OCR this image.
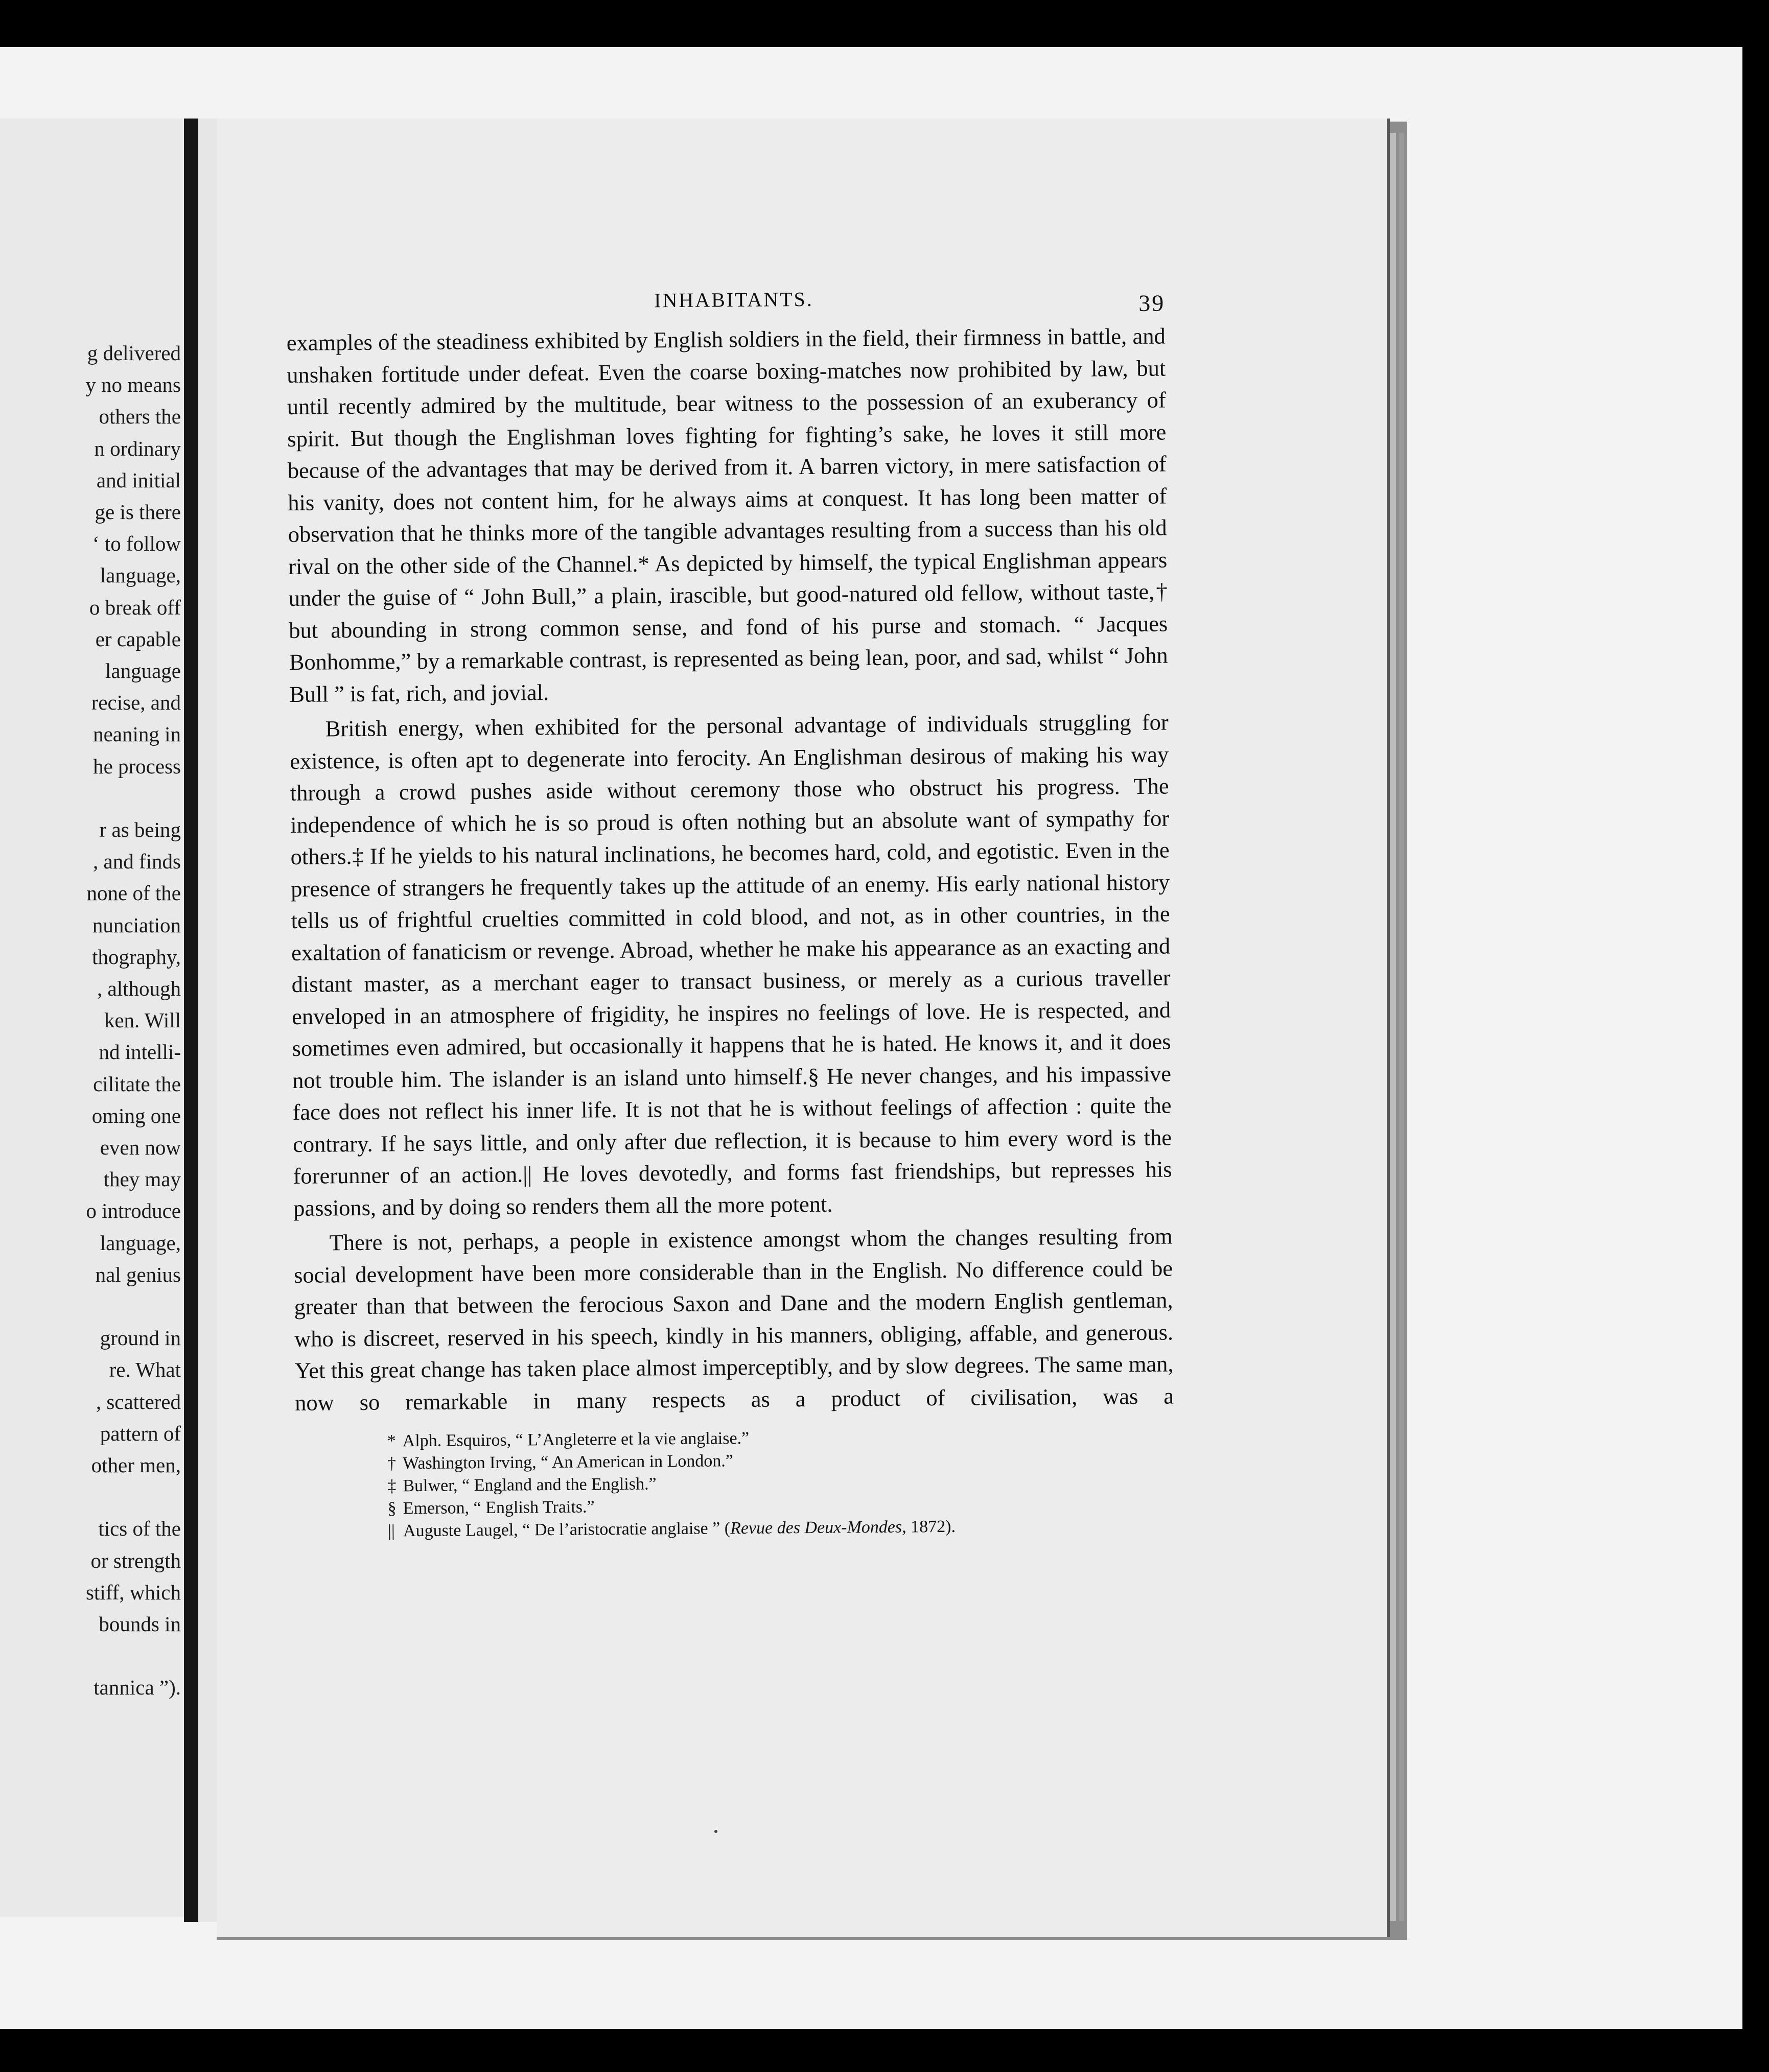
g delivered
y no means
others the
n ordinary
and initial
ge is there
‘ to follow
language,
o break off
er capable
language
recise, and
neaning in
he process
r as being
, and finds
none of the
nunciation
thography,
, although
ken. Will
nd intelli-
cilitate the
oming one
even now
they may
o introduce
language,
nal genius
ground in
re. What
, scattered
pattern of
other men,
tics of the
or strength
stiff, which
bounds in
tannica ”).
INHABITANTS.	39

examples of the steadiness exhibited by English soldiers in the field, their firmness in battle, and unshaken fortitude under defeat. Even the coarse boxing-matches now prohibited by law, but until recently admired by the multitude, bear witness to the possession of an exuberancy of spirit. But though the Englishman loves fighting for fighting’s sake, he loves it still more because of the advantages that may be derived from it. A barren victory, in mere satisfaction of his vanity, does not content him, for he always aims at conquest. It has long been matter of observation that he thinks more of the tangible advantages resulting from a success than his old rival on the other side of the Channel.* As depicted by himself, the typical Englishman appears under the guise of “ John Bull,” a plain, irascible, but good-natured old fellow, without taste,† but abounding in strong common sense, and fond of his purse and stomach. “ Jacques Bonhomme,” by a remarkable contrast, is represented as being lean, poor, and sad, whilst “ John Bull ” is fat, rich, and jovial.

British energy, when exhibited for the personal advantage of individuals struggling for existence, is often apt to degenerate into ferocity. An Englishman desirous of making his way through a crowd pushes aside without ceremony those who obstruct his progress. The independence of which he is so proud is often nothing but an absolute want of sympathy for others.‡ If he yields to his natural inclinations, he becomes hard, cold, and egotistic. Even in the presence of strangers he frequently takes up the attitude of an enemy. His early national history tells us of frightful cruelties committed in cold blood, and not, as in other countries, in the exaltation of fanaticism or revenge. Abroad, whether he make his appearance as an exacting and distant master, as a merchant eager to transact business, or merely as a curious traveller enveloped in an atmosphere of frigidity, he inspires no feelings of love. He is respected, and sometimes even admired, but occasionally it happens that he is hated. He knows it, and it does not trouble him. The islander is an island unto himself.§ He never changes, and his impassive face does not reflect his inner life. It is not that he is without feelings of affection : quite the contrary. If he says little, and only after due reflection, it is because to him every word is the forerunner of an action.|| He loves devotedly, and forms fast friendships, but represses his passions, and by doing so renders them all the more potent.

There is not, perhaps, a people in existence amongst whom the changes resulting from social development have been more considerable than in the English. No difference could be greater than that between the ferocious Saxon and Dane and the modern English gentleman, who is discreet, reserved in his speech, kindly in his manners, obliging, affable, and generous. Yet this great change has taken place almost imperceptibly, and by slow degrees. The same man, now so remarkable in many respects as a product of civilisation, was a

* Alph. Esquiros, “ L’Angleterre et la vie anglaise.”
† Washington Irving, “ An American in London.”
‡ Bulwer, “ England and the English.”
§ Emerson, “ English Traits.”
|| Auguste Laugel, “ De l’aristocratie anglaise ” (Revue des Deux-Mondes, 1872).
